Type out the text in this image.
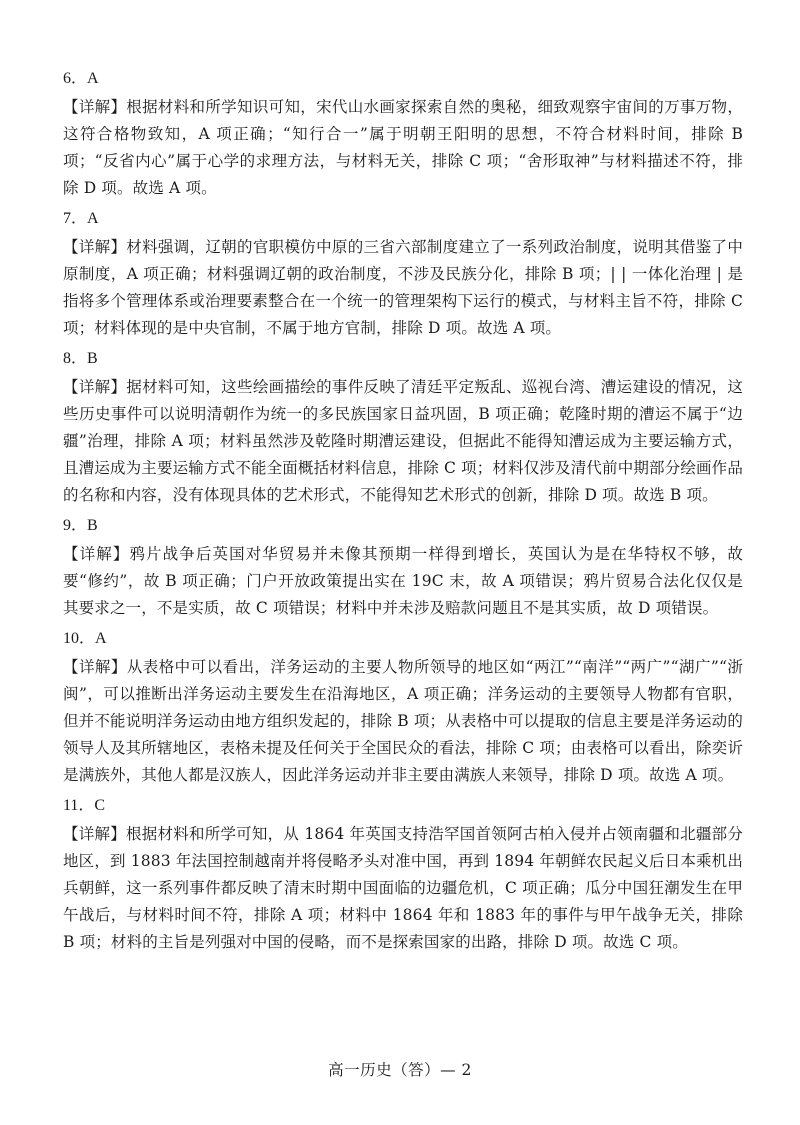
6．A

【详解】根据材料和所学知识可知，宋代山水画家探索自然的奥秘，细致观察宇宙间的万事万物，这符合格物致知，A 项正确；“知行合一”属于明朝王阳明的思想，不符合材料时间，排除 B 项；“反省内心”属于心学的求理方法，与材料无关，排除 C 项；“舍形取神”与材料描述不符，排除 D 项。故选 A 项。

7．A

【详解】材料强调，辽朝的官职模仿中原的三省六部制度建立了一系列政治制度，说明其借鉴了中原制度，A 项正确；材料强调辽朝的政治制度，不涉及民族分化，排除 B 项；| | 一体化治理 | 是指将多个管理体系或治理要素整合在一个统一的管理架构下运行的模式，与材料主旨不符，排除 C 项；材料体现的是中央官制，不属于地方官制，排除 D 项。故选 A 项。

8．B

【详解】据材料可知，这些绘画描绘的事件反映了清廷平定叛乱、巡视台湾、漕运建设的情况，这些历史事件可以说明清朝作为统一的多民族国家日益巩固，B 项正确；乾隆时期的漕运不属于“边疆”治理，排除 A 项；材料虽然涉及乾隆时期漕运建设，但据此不能得知漕运成为主要运输方式，且漕运成为主要运输方式不能全面概括材料信息，排除 C 项；材料仅涉及清代前中期部分绘画作品的名称和内容，没有体现具体的艺术形式，不能得知艺术形式的创新，排除 D 项。故选 B 项。

9．B

【详解】鸦片战争后英国对华贸易并未像其预期一样得到增长，英国认为是在华特权不够，故要“修约”，故 B 项正确；门户开放政策提出实在 19C 末，故 A 项错误；鸦片贸易合法化仅仅是其要求之一，不是实质，故 C 项错误；材料中并未涉及赔款问题且不是其实质，故 D 项错误。

10．A

【详解】从表格中可以看出，洋务运动的主要人物所领导的地区如“两江”“南洋”“两广”“湖广”“浙闽”，可以推断出洋务运动主要发生在沿海地区，A 项正确；洋务运动的主要领导人物都有官职，但并不能说明洋务运动由地方组织发起的，排除 B 项；从表格中可以提取的信息主要是洋务运动的领导人及其所辖地区，表格未提及任何关于全国民众的看法，排除 C 项；由表格可以看出，除奕䜣是满族外，其他人都是汉族人，因此洋务运动并非主要由满族人来领导，排除 D 项。故选 A 项。

11．C

【详解】根据材料和所学可知，从 1864 年英国支持浩罕国首领阿古柏入侵并占领南疆和北疆部分地区，到 1883 年法国控制越南并将侵略矛头对准中国，再到 1894 年朝鲜农民起义后日本乘机出兵朝鲜，这一系列事件都反映了清末时期中国面临的边疆危机，C 项正确；瓜分中国狂潮发生在甲午战后，与材料时间不符，排除 A 项；材料中 1864 年和 1883 年的事件与甲午战争无关，排除 B 项；材料的主旨是列强对中国的侵略，而不是探索国家的出路，排除 D 项。故选 C 项。

高一历史（答）— 2
